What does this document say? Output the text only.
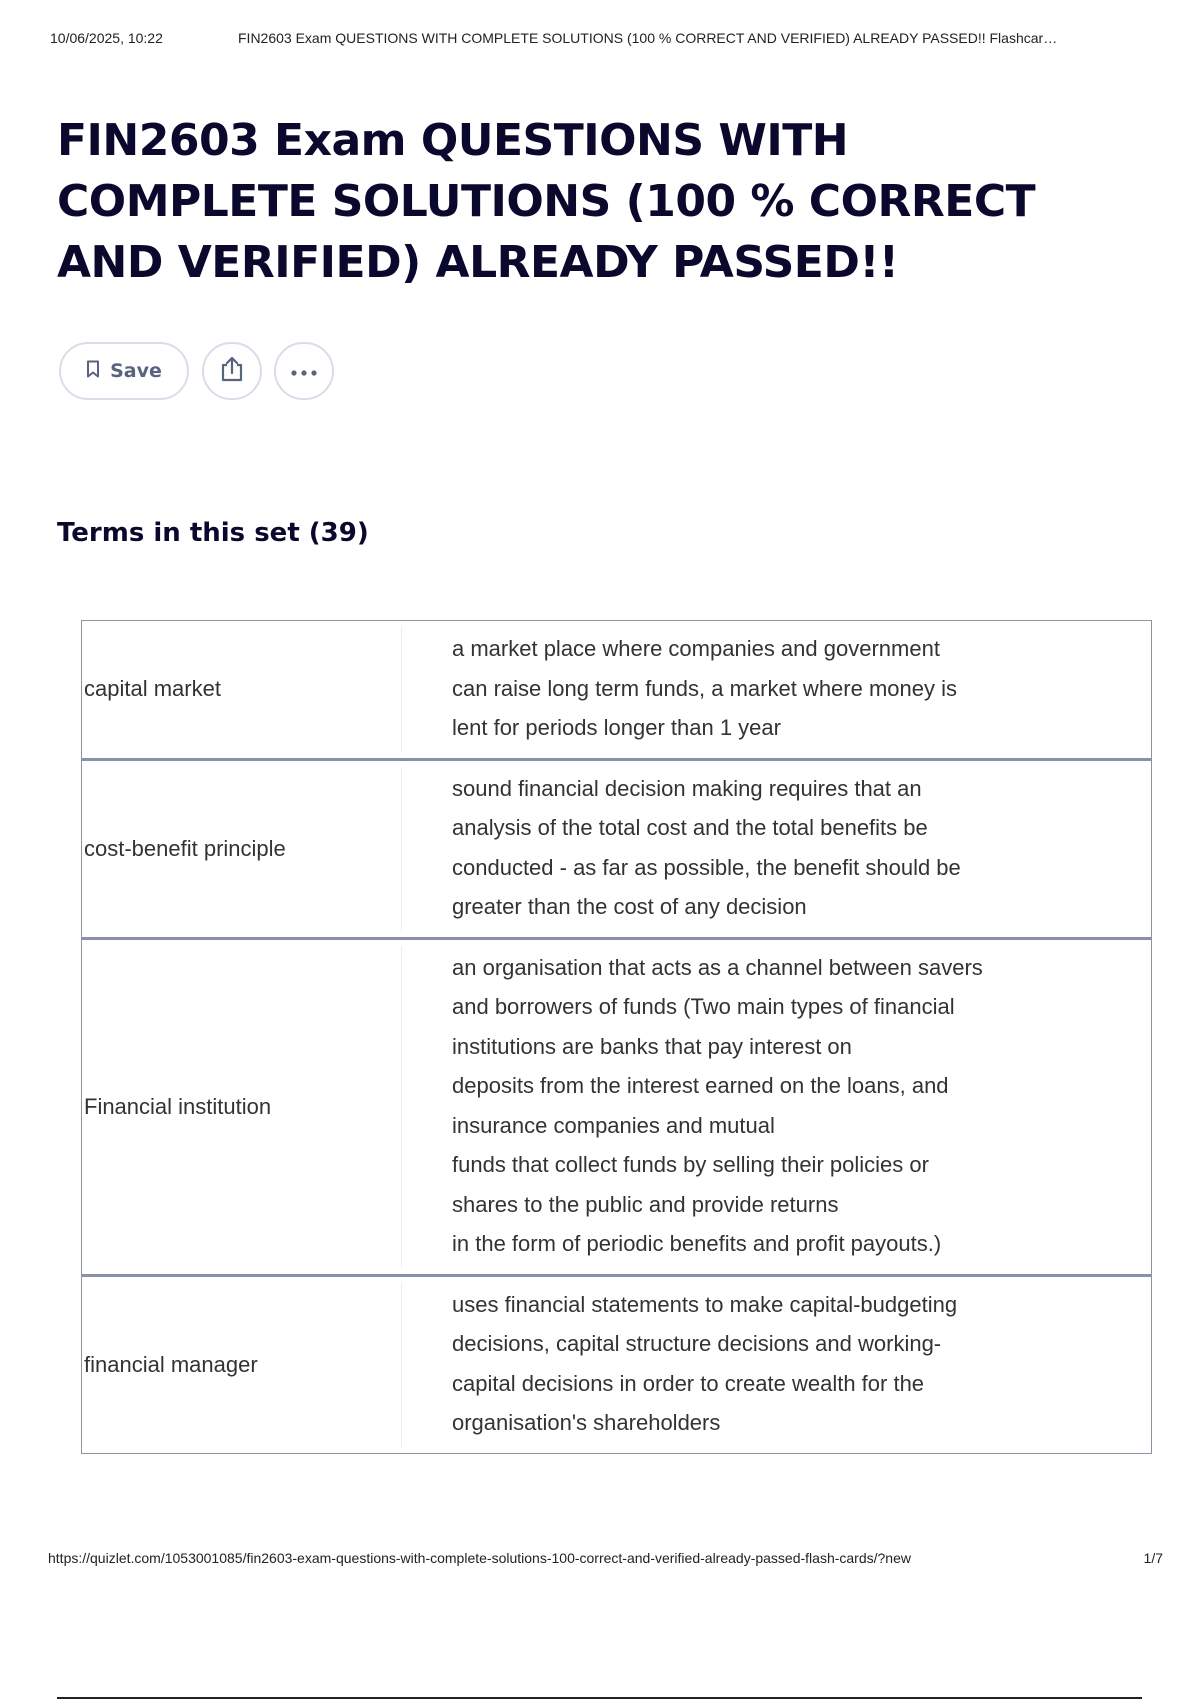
10/06/2025, 10:22	FIN2603 Exam QUESTIONS WITH COMPLETE SOLUTIONS (100 % CORRECT AND VERIFIED) ALREADY PASSED!! Flashcar…
FIN2603 Exam QUESTIONS WITH COMPLETE SOLUTIONS (100 % CORRECT AND VERIFIED) ALREADY PASSED!!
Save
Terms in this set (39)
capital market
a market place where companies and government
can raise long term funds, a market where money is
lent for periods longer than 1 year
cost-benefit principle
sound financial decision making requires that an
analysis of the total cost and the total benefits be
conducted - as far as possible, the benefit should be
greater than the cost of any decision
Financial institution
an organisation that acts as a channel between savers
and borrowers of funds (Two main types of financial
institutions are banks that pay interest on
deposits from the interest earned on the loans, and
insurance companies and mutual
funds that collect funds by selling their policies or
shares to the public and provide returns
in the form of periodic benefits and profit payouts.)
financial manager
uses financial statements to make capital-budgeting
decisions, capital structure decisions and working-
capital decisions in order to create wealth for the
organisation's shareholders
https://quizlet.com/1053001085/fin2603-exam-questions-with-complete-solutions-100-correct-and-verified-already-passed-flash-cards/?new	1/7
